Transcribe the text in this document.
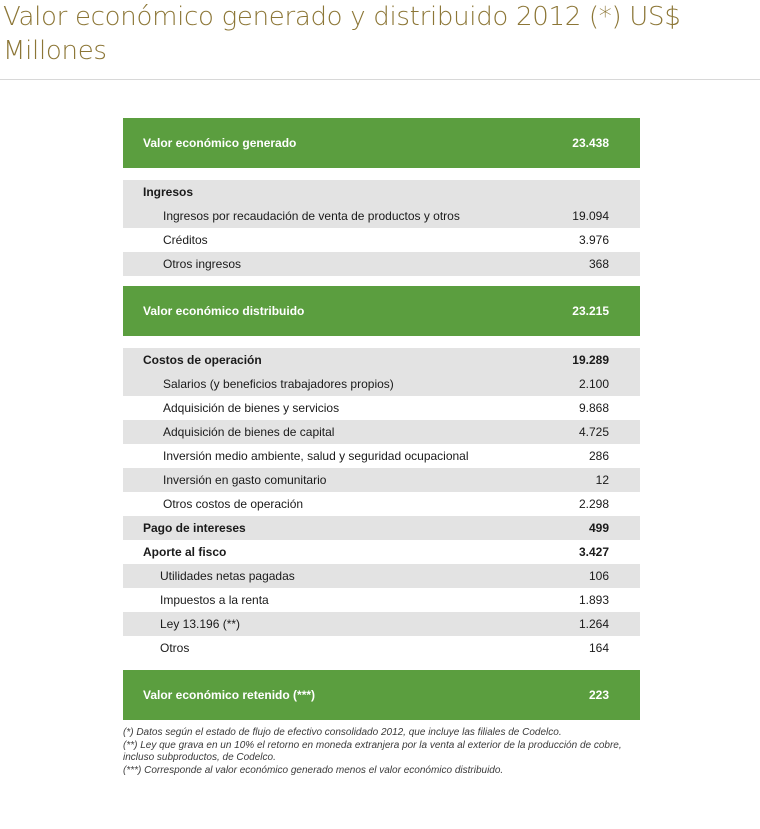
Valor económico generado y distribuido 2012 (*) US$ Millones
Valor económico generado	23.438
Ingresos
Ingresos por recaudación de venta de productos y otros	19.094
Créditos	3.976
Otros ingresos	368
Valor económico distribuido	23.215
Costos de operación	19.289
Salarios (y beneficios trabajadores propios)	2.100
Adquisición de bienes y servicios	9.868
Adquisición de bienes de capital	4.725
Inversión medio ambiente, salud y seguridad ocupacional	286
Inversión en gasto comunitario	12
Otros costos de operación	2.298
Pago de intereses	499
Aporte al fisco	3.427
Utilidades netas pagadas	106
Impuestos a la renta	1.893
Ley 13.196 (**)	1.264
Otros	164
Valor económico retenido (***)	223

(*) Datos según el estado de flujo de efectivo consolidado 2012, que incluye las filiales de Codelco.

(**) Ley que grava en un 10% el retorno en moneda extranjera por la venta al exterior de la producción de cobre, incluso subproductos, de Codelco.

(***) Corresponde al valor económico generado menos el valor económico distribuido.
